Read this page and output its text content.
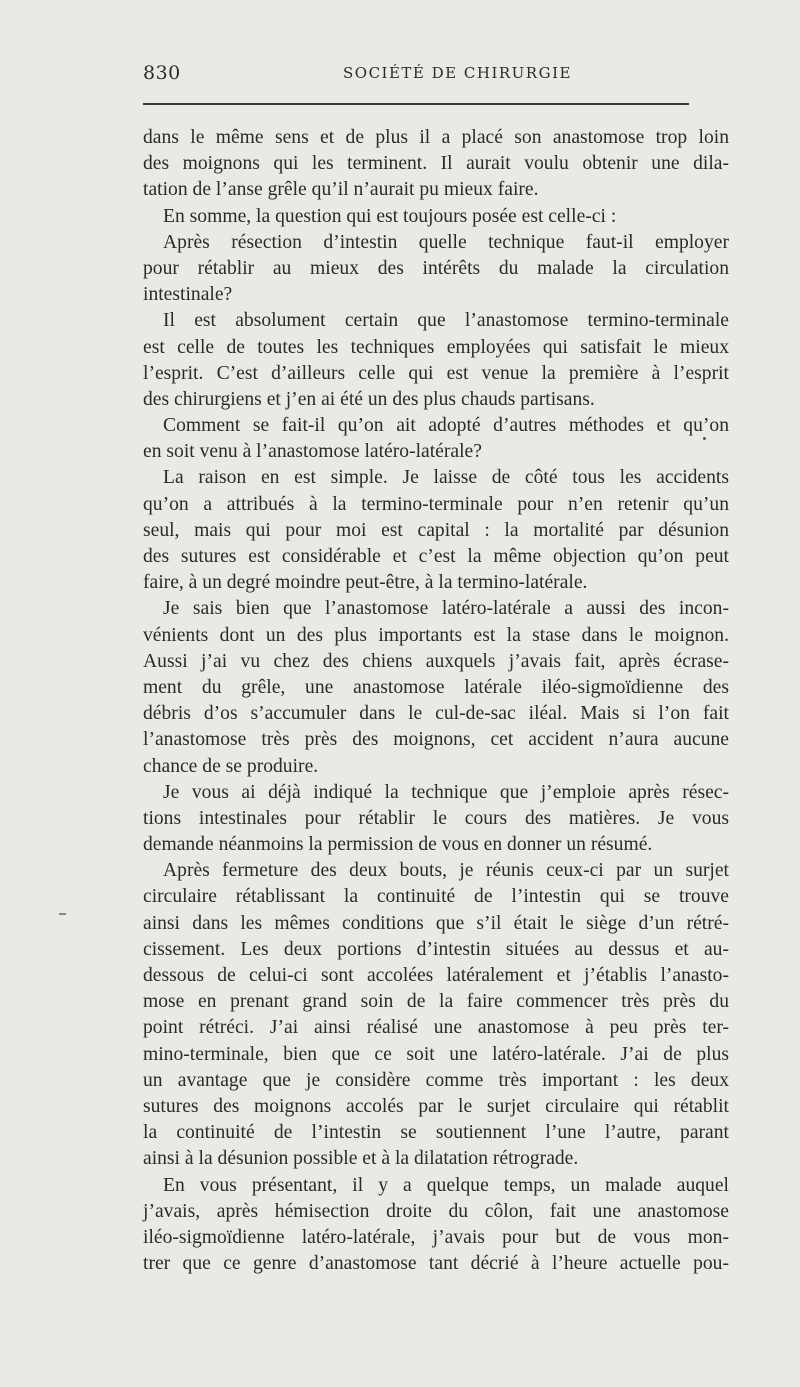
830	SOCIÉTÉ DE CHIRURGIE
dans le même sens et de plus il a placé son anastomose trop loin
des moignons qui les terminent. Il aurait voulu obtenir une dila-
tation de l’anse grêle qu’il n’aurait pu mieux faire.
En somme, la question qui est toujours posée est celle-ci :
Après résection d’intestin quelle technique faut-il employer
pour rétablir au mieux des intérêts du malade la circulation
intestinale?
Il est absolument certain que l’anastomose termino-terminale
est celle de toutes les techniques employées qui satisfait le mieux
l’esprit. C’est d’ailleurs celle qui est venue la première à l’esprit
des chirurgiens et j’en ai été un des plus chauds partisans.
Comment se fait-il qu’on ait adopté d’autres méthodes et qu’on
en soit venu à l’anastomose latéro-latérale?
La raison en est simple. Je laisse de côté tous les accidents
qu’on a attribués à la termino-terminale pour n’en retenir qu’un
seul, mais qui pour moi est capital : la mortalité par désunion
des sutures est considérable et c’est la même objection qu’on peut
faire, à un degré moindre peut-être, à la termino-latérale.
Je sais bien que l’anastomose latéro-latérale a aussi des incon-
vénients dont un des plus importants est la stase dans le moignon.
Aussi j’ai vu chez des chiens auxquels j’avais fait, après écrase-
ment du grêle, une anastomose latérale iléo-sigmoïdienne des
débris d’os s’accumuler dans le cul-de-sac iléal. Mais si l’on fait
l’anastomose très près des moignons, cet accident n’aura aucune
chance de se produire.
Je vous ai déjà indiqué la technique que j’emploie après résec-
tions intestinales pour rétablir le cours des matières. Je vous
demande néanmoins la permission de vous en donner un résumé.
Après fermeture des deux bouts, je réunis ceux-ci par un surjet
circulaire rétablissant la continuité de l’intestin qui se trouve
ainsi dans les mêmes conditions que s’il était le siège d’un rétré-
cissement. Les deux portions d’intestin situées au dessus et au-
dessous de celui-ci sont accolées latéralement et j’établis l’anasto-
mose en prenant grand soin de la faire commencer très près du
point rétréci. J’ai ainsi réalisé une anastomose à peu près ter-
mino-terminale, bien que ce soit une latéro-latérale. J’ai de plus
un avantage que je considère comme très important : les deux
sutures des moignons accolés par le surjet circulaire qui rétablit
la continuité de l’intestin se soutiennent l’une l’autre, parant
ainsi à la désunion possible et à la dilatation rétrograde.
En vous présentant, il y a quelque temps, un malade auquel
j’avais, après hémisection droite du côlon, fait une anastomose
iléo-sigmoïdienne latéro-latérale, j’avais pour but de vous mon-
trer que ce genre d’anastomose tant décrié à l’heure actuelle pou-
